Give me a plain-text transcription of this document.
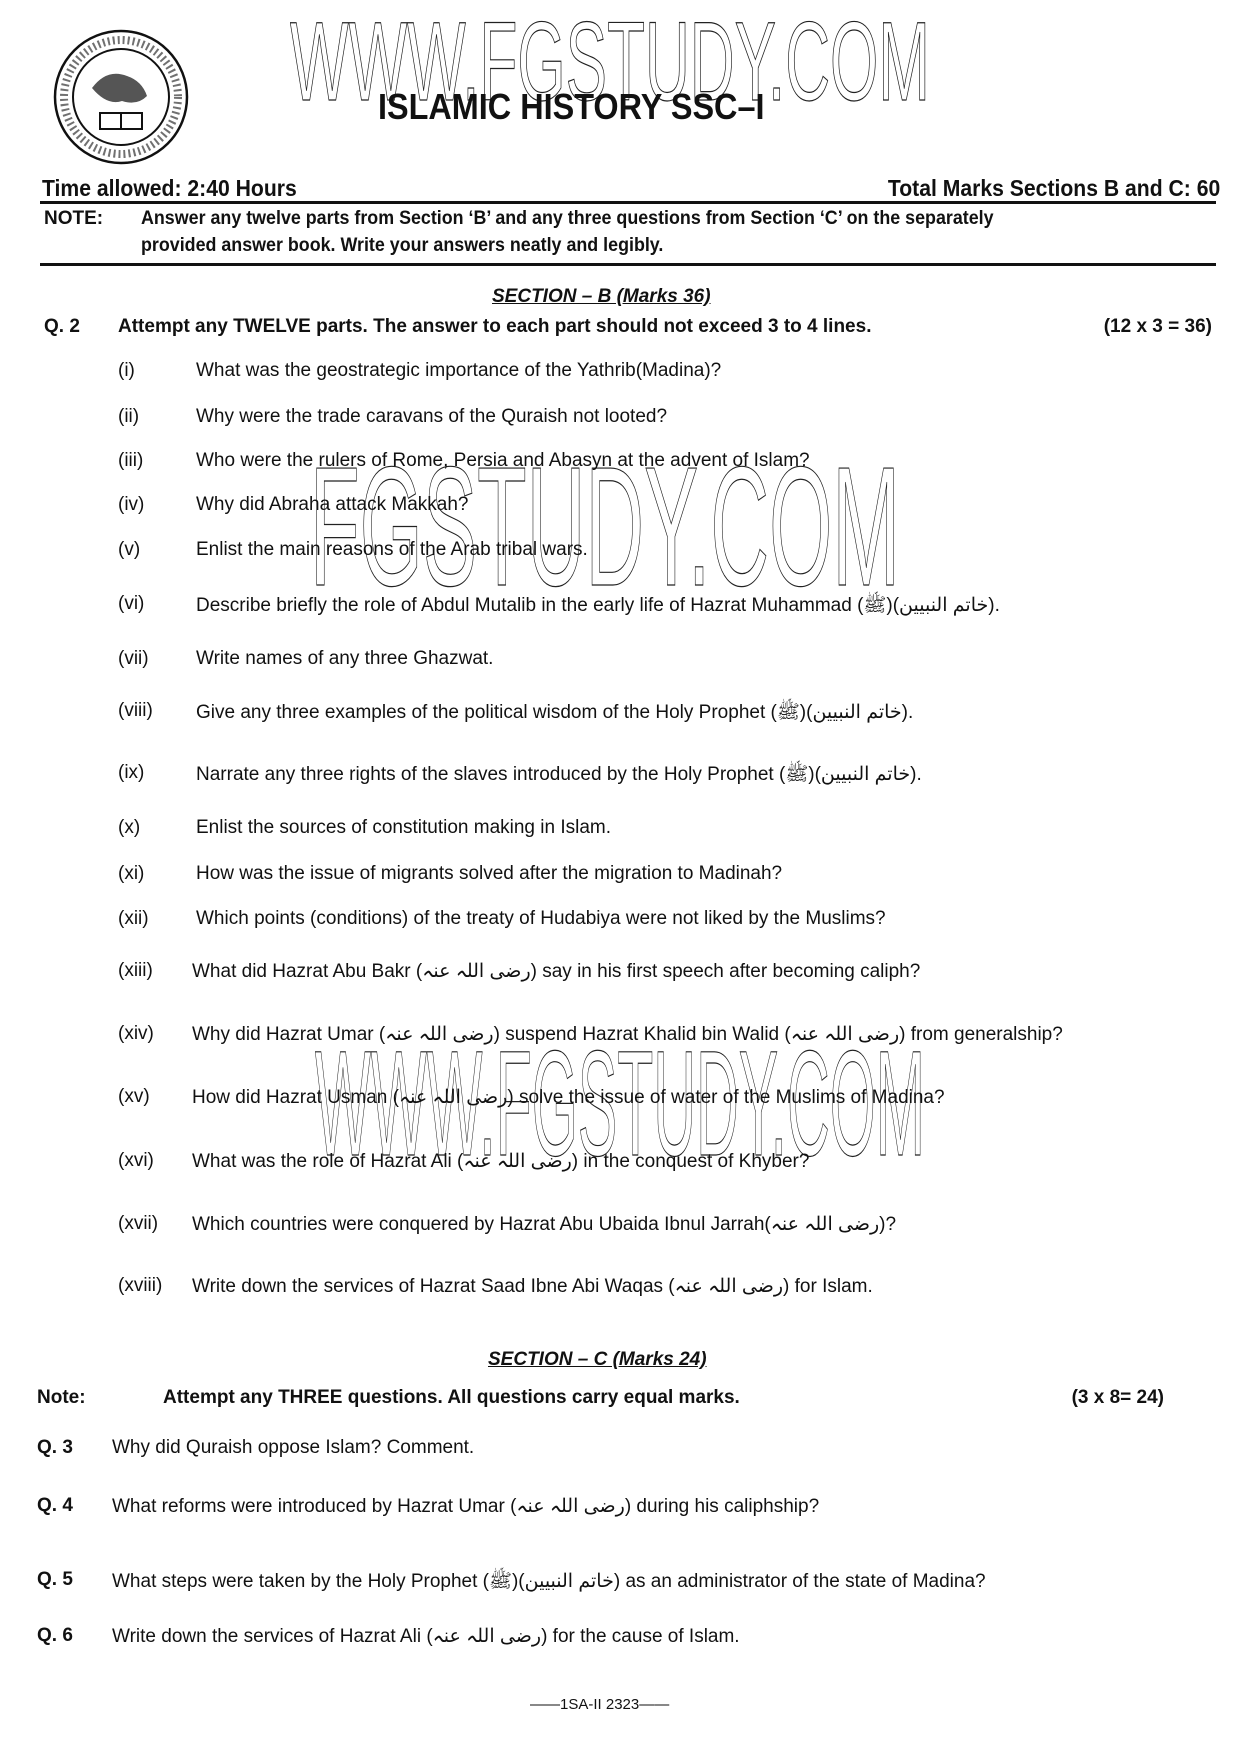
WWW.FGSTUDY.COM
FGSTUDY.COM
WWW.FGSTUDY.COM
ISLAMIC HISTORY SSC–I
Time allowed: 2:40 Hours	Total Marks Sections B and C: 60
NOTE: Answer any twelve parts from Section ‘B’ and any three questions from Section ‘C’ on the separately
provided answer book. Write your answers neatly and legibly.
SECTION – B (Marks 36)
Q. 2 Attempt any TWELVE parts. The answer to each part should not exceed 3 to 4 lines.	(12 x 3 = 36)
(i)	What was the geostrategic importance of the Yathrib(Madina)?
(ii)	Why were the trade caravans of the Quraish not looted?
(iii)	Who were the rulers of Rome, Persia and Abasyn at the advent of Islam?
(iv)	Why did Abraha attack Makkah?
(v)	Enlist the main reasons of the Arab tribal wars.
(vi)	Describe briefly the role of Abdul Mutalib in the early life of Hazrat Muhammad (ﷺ)(خاتم النبیین).
(vii) Write names of any three Ghazwat.
(viii) Give any three examples of the political wisdom of the Holy Prophet (ﷺ)(خاتم النبیین).
(ix)	Narrate any three rights of the slaves introduced by the Holy Prophet (ﷺ)(خاتم النبیین).
(x)	Enlist the sources of constitution making in Islam.
(xi)	How was the issue of migrants solved after the migration to Madinah?
(xii) Which points (conditions) of the treaty of Hudabiya were not liked by the Muslims?
(xiii) What did Hazrat Abu Bakr (رضی اللہ عنہ) say in his first speech after becoming caliph?
(xiv) Why did Hazrat Umar (رضی اللہ عنہ) suspend Hazrat Khalid bin Walid (رضی اللہ عنہ) from generalship?
(xv) How did Hazrat Usman (رضی اللہ عنہ) solve the issue of water of the Muslims of Madina?
(xvi) What was the role of Hazrat Ali (رضی اللہ عنہ) in the conquest of Khyber?
(xvii) Which countries were conquered by Hazrat Abu Ubaida Ibnul Jarrah(رضی اللہ عنہ)?
(xviii) Write down the services of Hazrat Saad Ibne Abi Waqas (رضی اللہ عنہ) for Islam.
SECTION – C (Marks 24)
Note:	Attempt any THREE questions. All questions carry equal marks.	(3 x 8= 24)
Q. 3 Why did Quraish oppose Islam? Comment.
Q. 4 What reforms were introduced by Hazrat Umar (رضی اللہ عنہ) during his caliphship?
Q. 5 What steps were taken by the Holy Prophet (ﷺ)(خاتم النبیین) as an administrator of the state of Madina?
Q. 6 Write down the services of Hazrat Ali (رضی اللہ عنہ) for the cause of Islam.
——1SA-II 2323——
